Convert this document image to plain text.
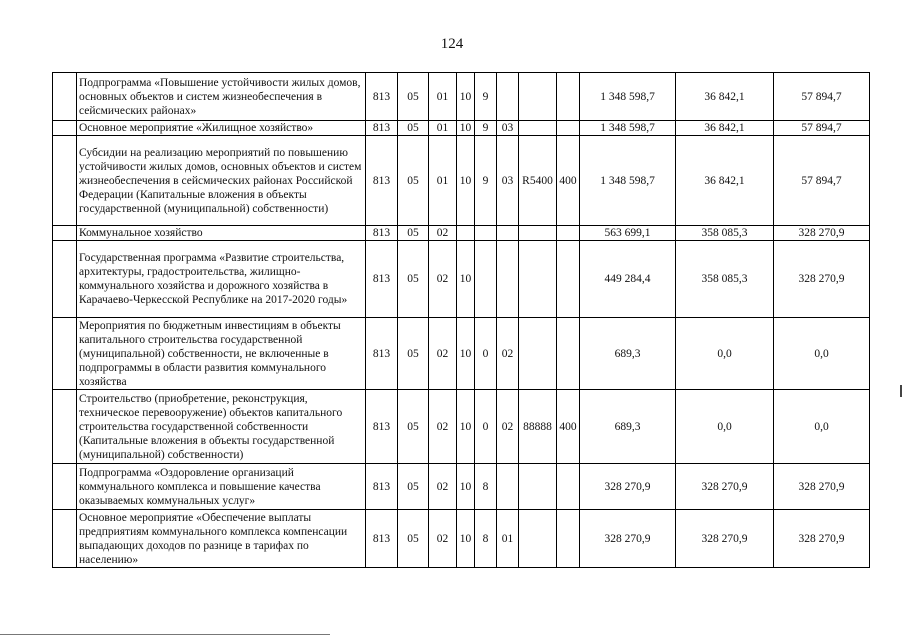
124
	Подпрограмма «Повышение устойчивости жилых домов, основных объектов и систем жизнеобеспечения в сейсмических районах»	813	05	01	10	9				1 348 598,7	36 842,1	57 894,7
	Основное мероприятие «Жилищное хозяйство»	813	05	01	10	9	03			1 348 598,7	36 842,1	57 894,7
	Субсидии на реализацию мероприятий по повышению устойчивости жилых домов, основных объектов и систем жизнеобеспечения в сейсмических районах Российской Федерации (Капитальные вложения в объекты государственной (муниципальной) собственности)	813	05	01	10	9	03	R5400	400	1 348 598,7	36 842,1	57 894,7
	Коммунальное хозяйство	813	05	02						563 699,1	358 085,3	328 270,9
	Государственная программа «Развитие строительства, архитектуры, градостроительства, жилищно-коммунального хозяйства и дорожного хозяйства в Карачаево-Черкесской Республике на 2017-2020 годы»	813	05	02	10					449 284,4	358 085,3	328 270,9
	Мероприятия по бюджетным инвестициям в объекты капитального строительства государственной (муниципальной) собственности, не включенные в подпрограммы в области развития коммунального хозяйства	813	05	02	10	0	02			689,3	0,0	0,0
	Строительство (приобретение, реконструкция, техническое перевооружение) объектов капитального строительства государственной собственности (Капитальные вложения в объекты государственной (муниципальной) собственности)	813	05	02	10	0	02	88888	400	689,3	0,0	0,0
	Подпрограмма «Оздоровление организаций коммунального комплекса и повышение качества оказываемых коммунальных услуг»	813	05	02	10	8				328 270,9	328 270,9	328 270,9
	Основное мероприятие «Обеспечение выплаты предприятиям коммунального комплекса компенсации выпадающих доходов по разнице в тарифах по населению»	813	05	02	10	8	01			328 270,9	328 270,9	328 270,9
